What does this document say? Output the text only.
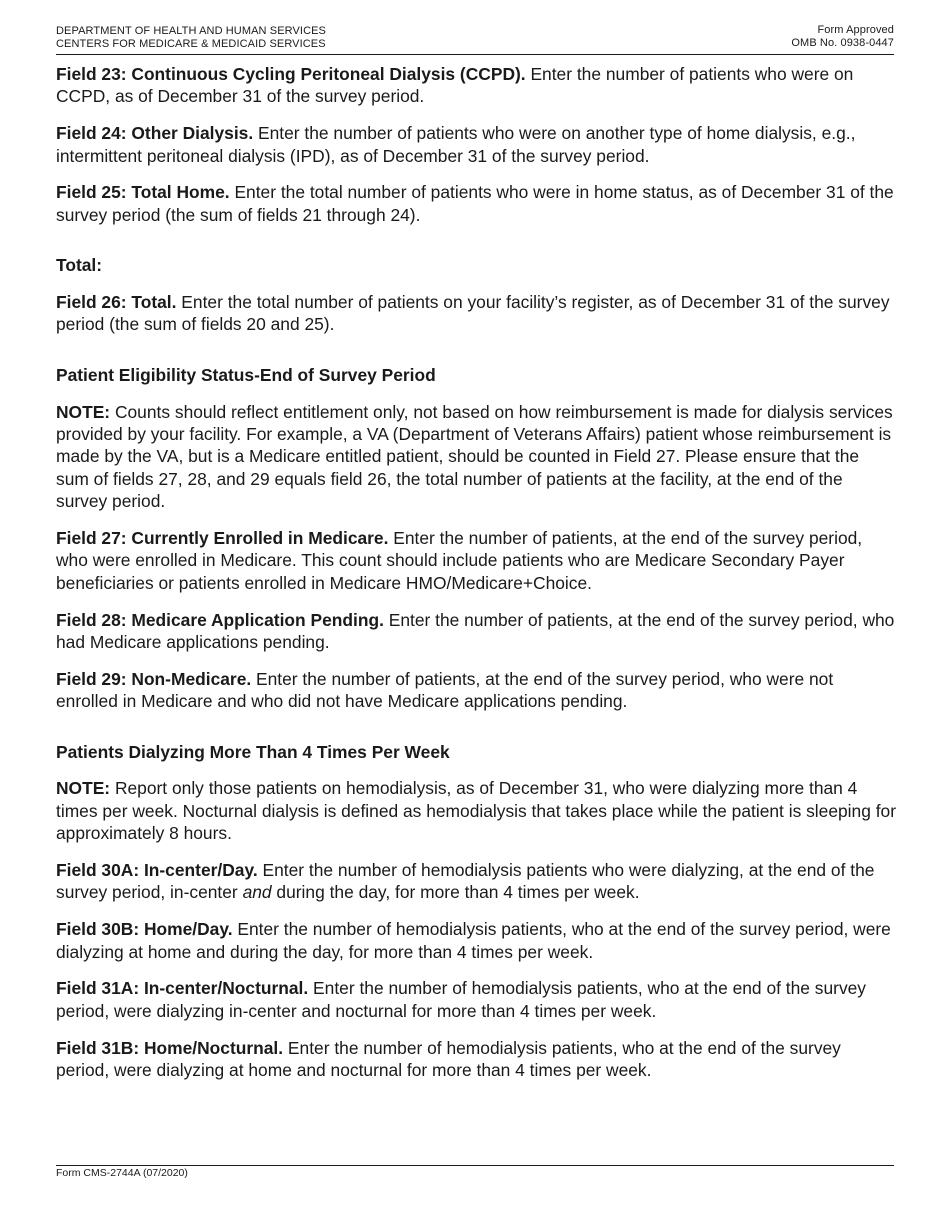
DEPARTMENT OF HEALTH AND HUMAN SERVICES
CENTERS FOR MEDICARE & MEDICAID SERVICES
Form Approved
OMB No. 0938-0447

Field 23: Continuous Cycling Peritoneal Dialysis (CCPD). Enter the number of patients who were on CCPD, as of December 31 of the survey period.

Field 24: Other Dialysis. Enter the number of patients who were on another type of home dialysis, e.g., intermittent peritoneal dialysis (IPD), as of December 31 of the survey period.

Field 25: Total Home. Enter the total number of patients who were in home status, as of December 31 of the survey period (the sum of fields 21 through 24).

Total:

Field 26: Total. Enter the total number of patients on your facility’s register, as of December 31 of the survey period (the sum of fields 20 and 25).

Patient Eligibility Status-End of Survey Period

NOTE: Counts should reflect entitlement only, not based on how reimbursement is made for dialysis services provided by your facility. For example, a VA (Department of Veterans Affairs) patient whose reimbursement is made by the VA, but is a Medicare entitled patient, should be counted in Field 27. Please ensure that the sum of fields 27, 28, and 29 equals field 26, the total number of patients at the facility, at the end of the survey period.

Field 27: Currently Enrolled in Medicare. Enter the number of patients, at the end of the survey period, who were enrolled in Medicare. This count should include patients who are Medicare Secondary Payer beneficiaries or patients enrolled in Medicare HMO/Medicare+Choice.

Field 28: Medicare Application Pending. Enter the number of patients, at the end of the survey period, who had Medicare applications pending.

Field 29: Non-Medicare. Enter the number of patients, at the end of the survey period, who were not enrolled in Medicare and who did not have Medicare applications pending.

Patients Dialyzing More Than 4 Times Per Week

NOTE: Report only those patients on hemodialysis, as of December 31, who were dialyzing more than 4 times per week. Nocturnal dialysis is defined as hemodialysis that takes place while the patient is sleeping for approximately 8 hours.

Field 30A: In-center/Day. Enter the number of hemodialysis patients who were dialyzing, at the end of the survey period, in-center and during the day, for more than 4 times per week.

Field 30B: Home/Day. Enter the number of hemodialysis patients, who at the end of the survey period, were dialyzing at home and during the day, for more than 4 times per week.

Field 31A: In-center/Nocturnal. Enter the number of hemodialysis patients, who at the end of the survey period, were dialyzing in-center and nocturnal for more than 4 times per week.

Field 31B: Home/Nocturnal. Enter the number of hemodialysis patients, who at the end of the survey period, were dialyzing at home and nocturnal for more than 4 times per week.

Form CMS-2744A (07/2020)
